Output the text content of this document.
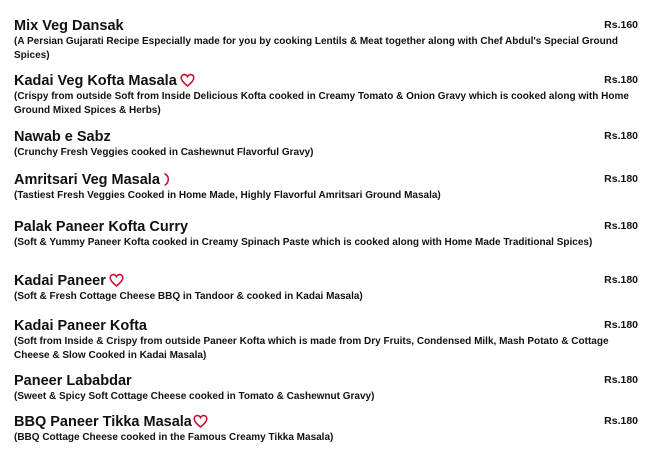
Mix Veg Dansak	Rs.160
(A Persian Gujarati Recipe Especially made for you by cooking Lentils & Meat together along with Chef Abdul's Special Ground Spices)
Kadai Veg Kofta Masala	Rs.180
(Crispy from outside Soft from Inside Delicious Kofta cooked in Creamy Tomato & Onion Gravy which is cooked along with Home Ground Mixed Spices & Herbs)
Nawab e Sabz	Rs.180
(Crunchy Fresh Veggies cooked in Cashewnut Flavorful Gravy)
Amritsari Veg Masala	Rs.180
(Tastiest Fresh Veggies Cooked in Home Made, Highly Flavorful Amritsari Ground Masala)
Palak Paneer Kofta Curry	Rs.180
(Soft & Yummy Paneer Kofta cooked in Creamy Spinach Paste which is cooked along with Home Made Traditional Spices)
Kadai Paneer	Rs.180
(Soft & Fresh Cottage Cheese BBQ in Tandoor & cooked in Kadai Masala)
Kadai Paneer Kofta	Rs.180
(Soft from Inside & Crispy from outside Paneer Kofta which is made from Dry Fruits, Condensed Milk, Mash Potato & Cottage Cheese & Slow Cooked in Kadai Masala)
Paneer Lababdar	Rs.180
(Sweet & Spicy Soft Cottage Cheese cooked in Tomato & Cashewnut Gravy)
BBQ Paneer Tikka Masala	Rs.180
(BBQ Cottage Cheese cooked in the Famous Creamy Tikka Masala)
